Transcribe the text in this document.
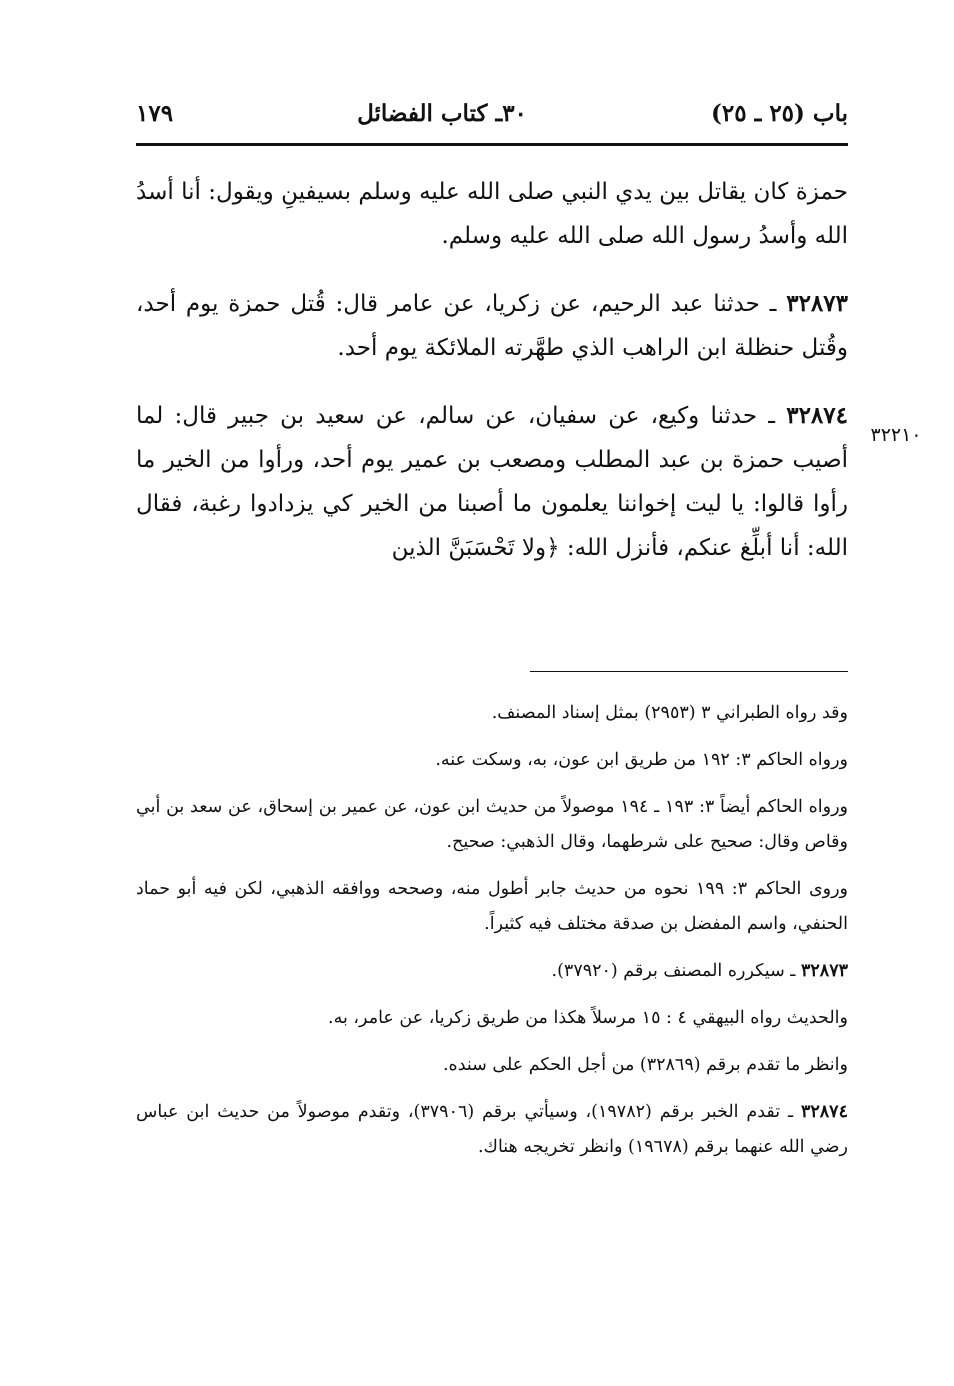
باب (٢٥ ـ ٢٥)
٣٠ـ كتاب الفضائل
١٧٩
٣٢٢١٠

حمزة كان يقاتل بين يدي النبي صلى الله عليه وسلم بسيفينِ ويقول: أنا أسدُ الله وأسدُ رسول الله صلى الله عليه وسلم.

٣٢٨٧٣ ـ حدثنا عبد الرحيم، عن زكريا، عن عامر قال: قُتل حمزة يوم أحد، وقُتل حنظلة ابن الراهب الذي طهَّرته الملائكة يوم أحد.

٣٢٨٧٤ ـ حدثنا وكيع، عن سفيان، عن سالم، عن سعيد بن جبير قال: لما أصيب حمزة بن عبد المطلب ومصعب بن عمير يوم أحد، ورأوا من الخير ما رأوا قالوا: يا ليت إخواننا يعلمون ما أصبنا من الخير كي يزدادوا رغبة، فقال الله: أنا أبلِّغ عنكم، فأنزل الله: ﴿ولا تَحْسَبَنَّ الذين

وقد رواه الطبراني ٣ (٢٩٥٣) بمثل إسناد المصنف.

ورواه الحاكم ٣: ١٩٢ من طريق ابن عون، به، وسكت عنه.

ورواه الحاكم أيضاً ٣: ١٩٣ ـ ١٩٤ موصولاً من حديث ابن عون، عن عمير بن إسحاق، عن سعد بن أبي وقاص وقال: صحيح على شرطهما، وقال الذهبي: صحيح.

وروى الحاكم ٣: ١٩٩ نحوه من حديث جابر أطول منه، وصححه ووافقه الذهبي، لكن فيه أبو حماد الحنفي، واسم المفضل بن صدقة مختلف فيه كثيراً.

٣٢٨٧٣ ـ سيكرره المصنف برقم (٣٧٩٢٠).

والحديث رواه البيهقي ٤ : ١٥ مرسلاً هكذا من طريق زكريا، عن عامر، به.

وانظر ما تقدم برقم (٣٢٨٦٩) من أجل الحكم على سنده.

٣٢٨٧٤ ـ تقدم الخبر برقم (١٩٧٨٢)، وسيأتي برقم (٣٧٩٠٦)، وتقدم موصولاً من حديث ابن عباس رضي الله عنهما برقم (١٩٦٧٨) وانظر تخريجه هناك.
